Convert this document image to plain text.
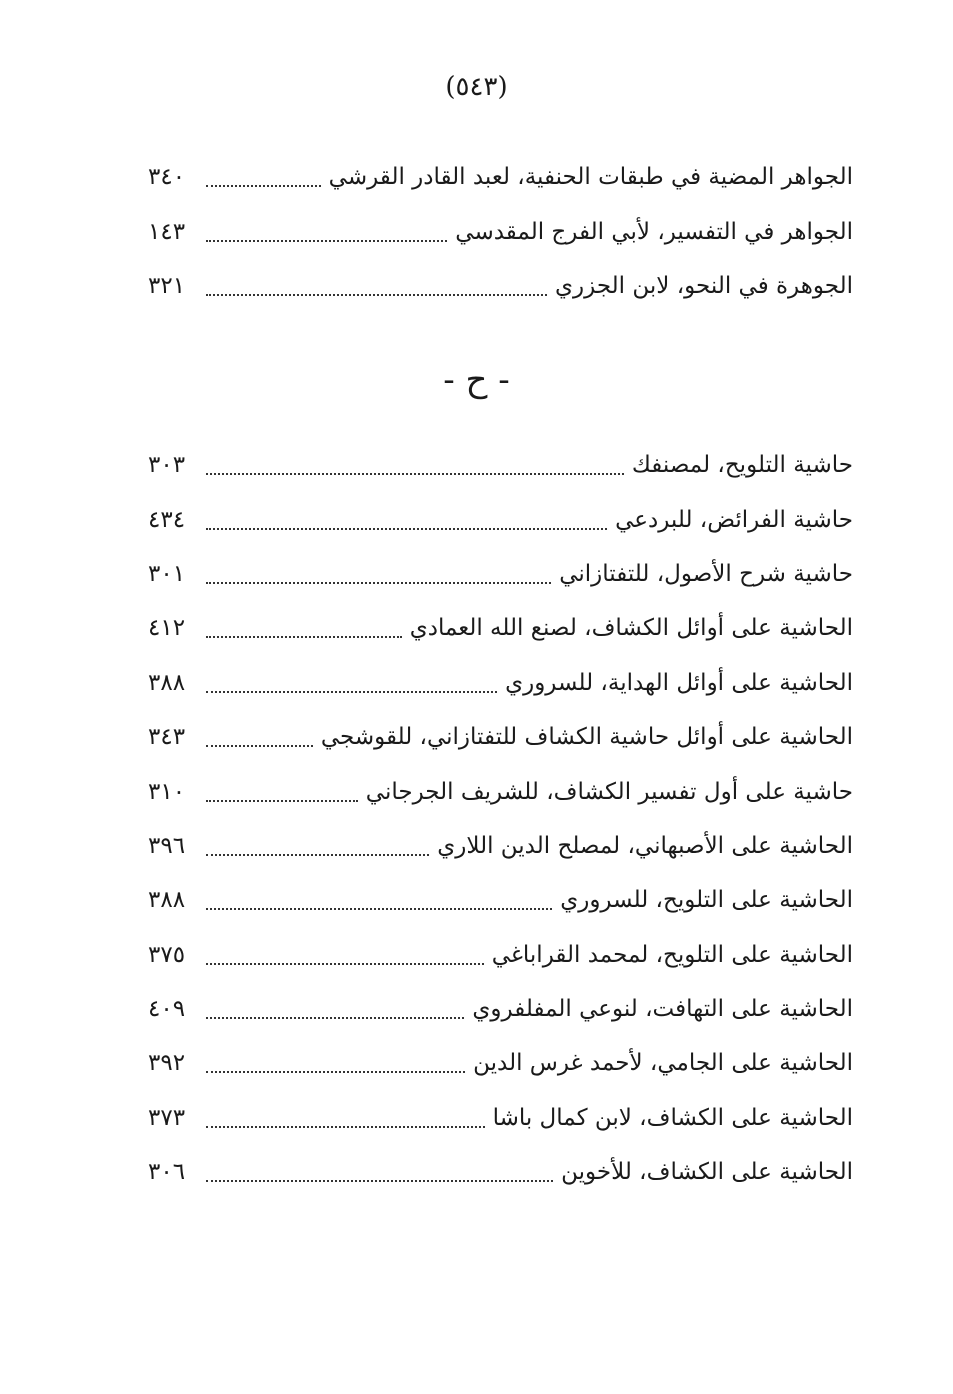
(٥٤٣)
الجواهر المضية في طبقات الحنفية، لعبد القادر القرشي
٣٤٠
الجواهر في التفسير، لأبي الفرج المقدسي
١٤٣
الجوهرة في النحو، لابن الجزري
٣٢١
- ح -
حاشية التلويح، لمصنفك
٣٠٣
حاشية الفرائض، للبردعي
٤٣٤
حاشية شرح الأصول، للتفتازاني
٣٠١
الحاشية على أوائل الكشاف، لصنع الله العمادي
٤١٢
الحاشية على أوائل الهداية، للسروري
٣٨٨
الحاشية على أوائل حاشية الكشاف للتفتازاني، للقوشجي
٣٤٣
حاشية على أول تفسير الكشاف، للشريف الجرجاني
٣١٠
الحاشية على الأصبهاني، لمصلح الدين اللاري
٣٩٦
الحاشية على التلويح، للسروري
٣٨٨
الحاشية على التلويح، لمحمد القراباغي
٣٧٥
الحاشية على التهافت، لنوعي المفلفروي
٤٠٩
الحاشية على الجامي، لأحمد غرس الدين
٣٩٢
الحاشية على الكشاف، لابن كمال باشا
٣٧٣
الحاشية على الكشاف، للأخوين
٣٠٦
